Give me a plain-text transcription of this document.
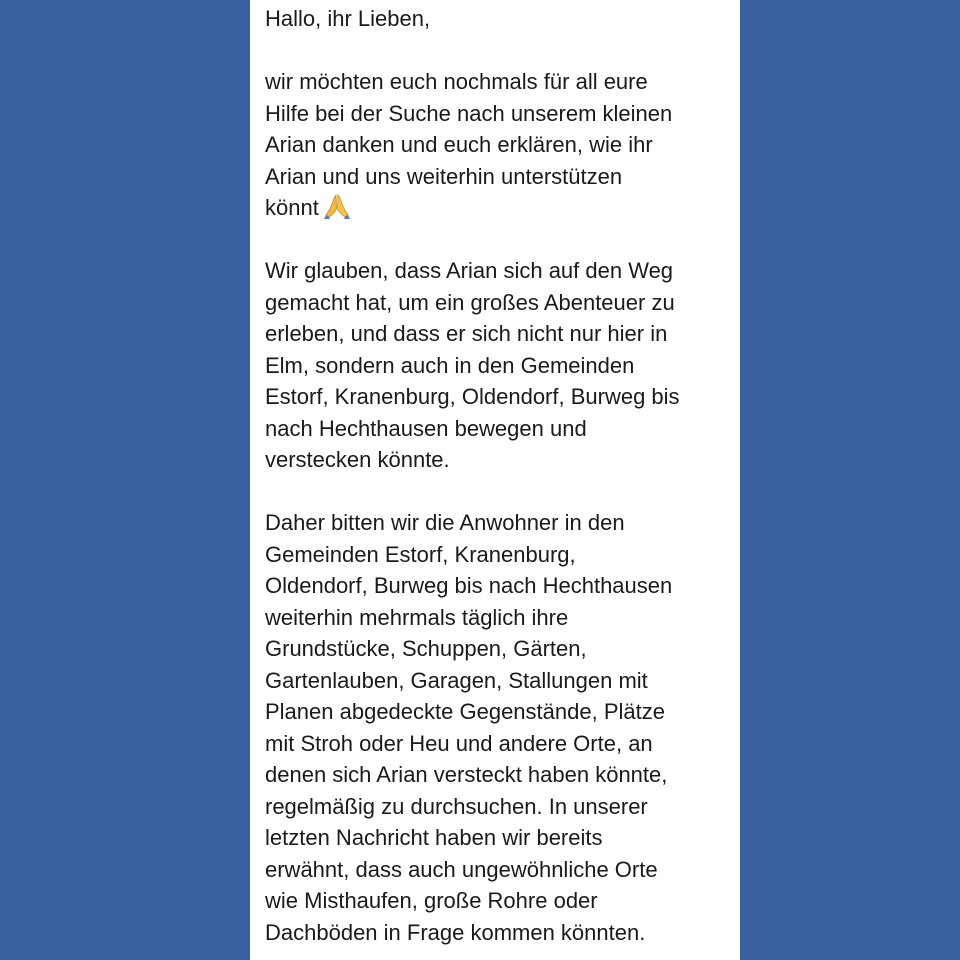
Hallo, ihr Lieben,
wir möchten euch nochmals für all eure
Hilfe bei der Suche nach unserem kleinen
Arian danken und euch erklären, wie ihr
Arian und uns weiterhin unterstützen
könnt
Wir glauben, dass Arian sich auf den Weg
gemacht hat, um ein großes Abenteuer zu
erleben, und dass er sich nicht nur hier in
Elm, sondern auch in den Gemeinden
Estorf, Kranenburg, Oldendorf, Burweg bis
nach Hechthausen bewegen und
verstecken könnte.
Daher bitten wir die Anwohner in den
Gemeinden Estorf, Kranenburg,
Oldendorf, Burweg bis nach Hechthausen
weiterhin mehrmals täglich ihre
Grundstücke, Schuppen, Gärten,
Gartenlauben, Garagen, Stallungen mit
Planen abgedeckte Gegenstände, Plätze
mit Stroh oder Heu und andere Orte, an
denen sich Arian versteckt haben könnte,
regelmäßig zu durchsuchen. In unserer
letzten Nachricht haben wir bereits
erwähnt, dass auch ungewöhnliche Orte
wie Misthaufen, große Rohre oder
Dachböden in Frage kommen könnten.
